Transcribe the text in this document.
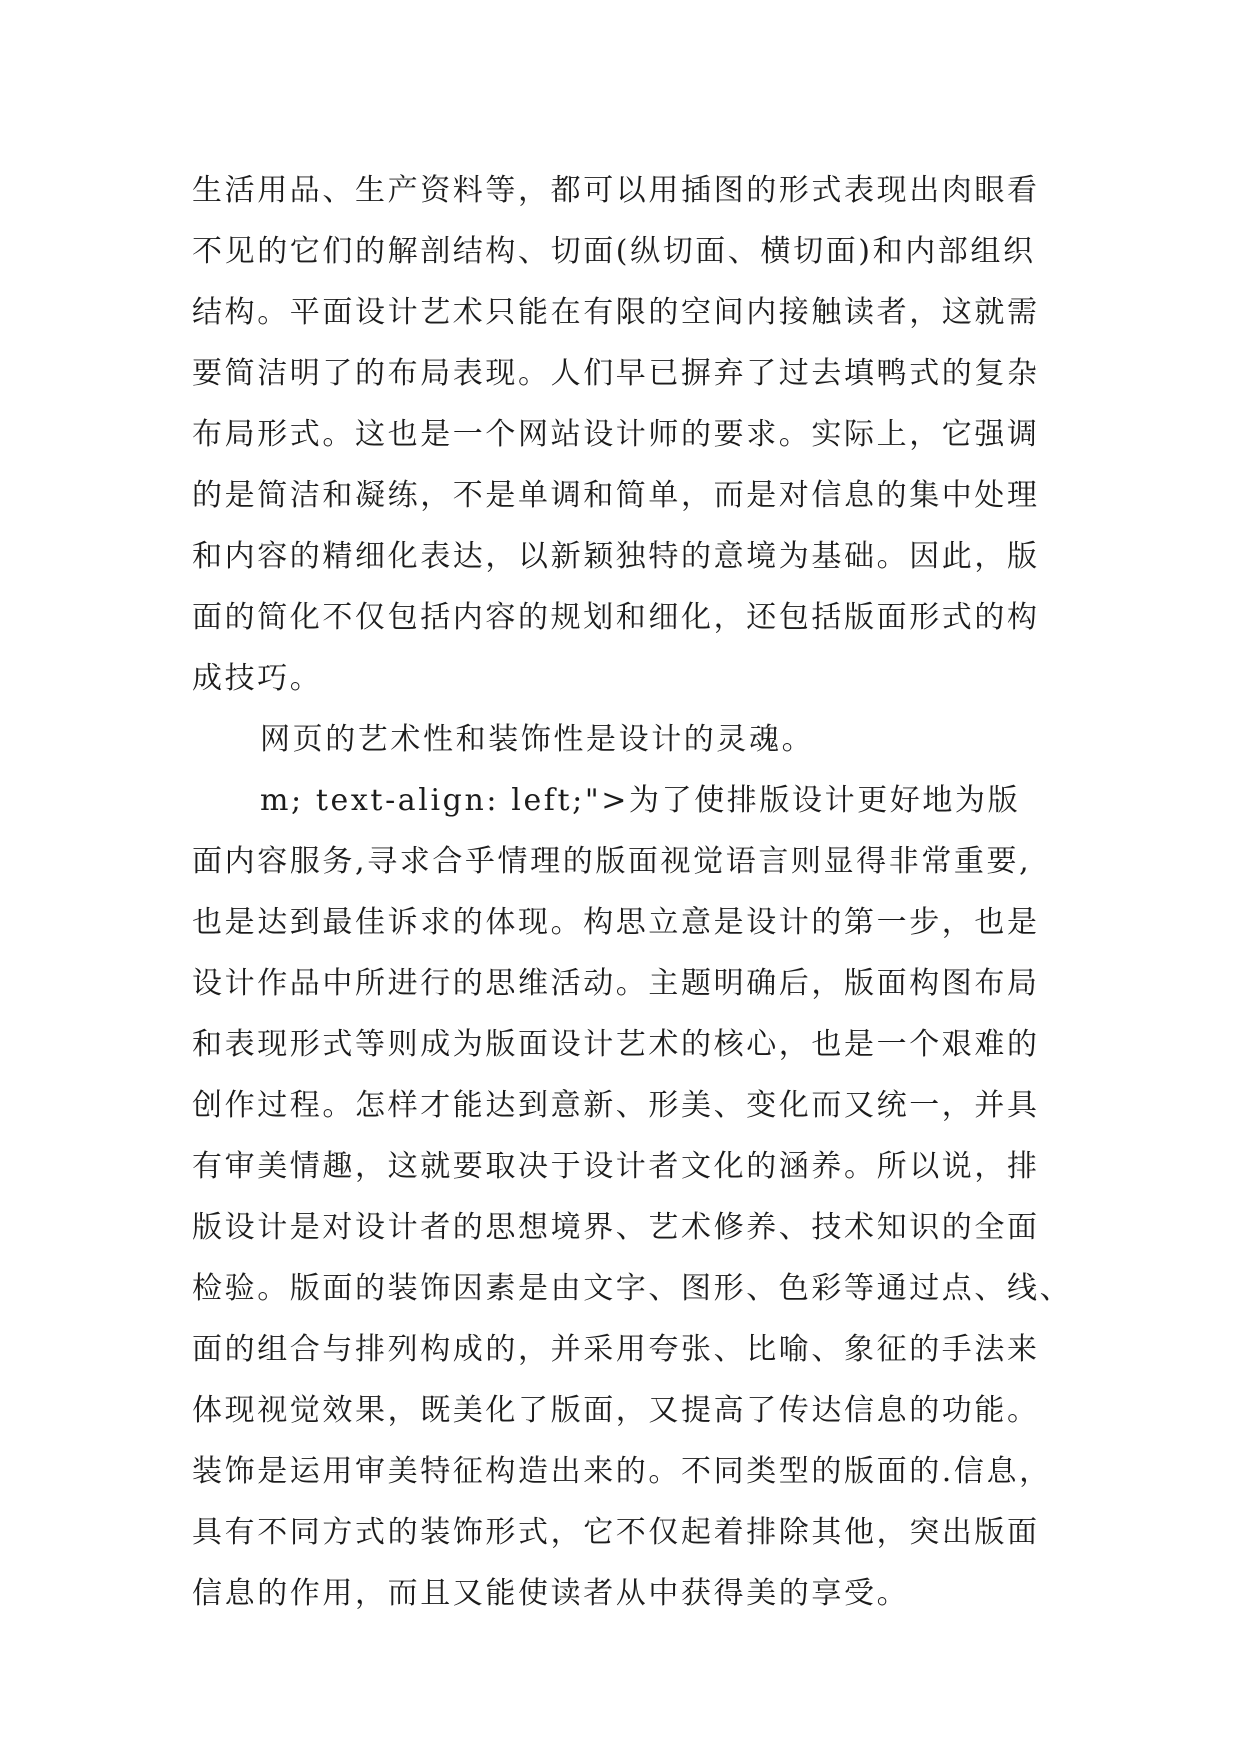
生活用品、生产资料等，都可以用插图的形式表现出肉眼看
不见的它们的解剖结构、切面(纵切面、横切面)和内部组织
结构。平面设计艺术只能在有限的空间内接触读者，这就需
要简洁明了的布局表现。人们早已摒弃了过去填鸭式的复杂
布局形式。这也是一个网站设计师的要求。实际上，它强调
的是简洁和凝练，不是单调和简单，而是对信息的集中处理
和内容的精细化表达，以新颖独特的意境为基础。因此，版
面的简化不仅包括内容的规划和细化，还包括版面形式的构
成技巧。
网页的艺术性和装饰性是设计的灵魂。
m; text-align: left;">为了使排版设计更好地为版
面内容服务,寻求合乎情理的版面视觉语言则显得非常重要,
也是达到最佳诉求的体现。构思立意是设计的第一步，也是
设计作品中所进行的思维活动。主题明确后，版面构图布局
和表现形式等则成为版面设计艺术的核心，也是一个艰难的
创作过程。怎样才能达到意新、形美、变化而又统一，并具
有审美情趣，这就要取决于设计者文化的涵养。所以说，排
版设计是对设计者的思想境界、艺术修养、技术知识的全面
检验。版面的装饰因素是由文字、图形、色彩等通过点、线、
面的组合与排列构成的，并采用夸张、比喻、象征的手法来
体现视觉效果，既美化了版面，又提高了传达信息的功能。
装饰是运用审美特征构造出来的。不同类型的版面的.信息，
具有不同方式的装饰形式，它不仅起着排除其他，突出版面
信息的作用，而且又能使读者从中获得美的享受。
